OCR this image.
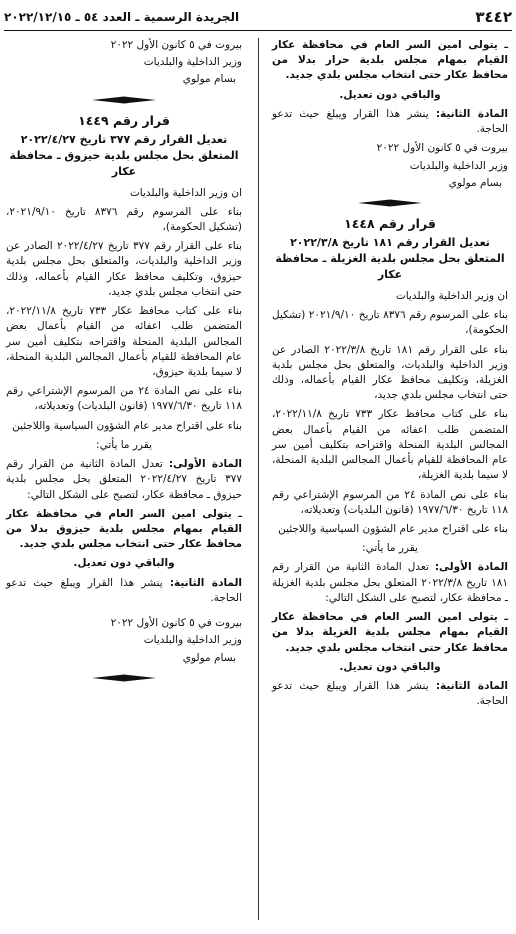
٣٤٤٢
الجريدة الرسمية ـ العدد ٥٤ ـ ٢٠٢٢/١٢/١٥

ـ يتولى امين السر العام في محافظة عكار القيام بمهام مجلس بلدية حرار بدلا من محافظ عكار حتى انتخاب مجلس بلدي جديد.

والباقي دون تعديل.

المادة الثانية: ينشر هذا القرار ويبلغ حيث تدعو الحاجة.

بيروت في ٥ كانون الأول ٢٠٢٢

وزير الداخلية والبلديات

بسام مولوي

قرار رقم ١٤٤٨
تعديل القرار رقم ١٨١ تاريخ ٢٠٢٢/٣/٨ المتعلق بحل مجلس بلدية الغزيلة ـ محافظة عكار

ان وزير الداخلية والبلديات

بناء على المرسوم رقم ٨٣٧٦ تاريخ ٢٠٢١/٩/١٠ (تشكيل الحكومة)،

بناء على القرار رقم ١٨١ تاريخ ٢٠٢٢/٣/٨ الصادر عن وزير الداخلية والبلديات، والمتعلق بحل مجلس بلدية الغزيلة، وتكليف محافظ عكار القيام بأعماله، وذلك حتى انتخاب مجلس بلدي جديد،

بناء على كتاب محافظ عكار ٧٣٣ تاريخ ٢٠٢٢/١١/٨، المتضمن طلب اعفائه من القيام بأعمال بعض المجالس البلدية المنحلة واقتراحه بتكليف أمين سر عام المحافظة للقيام بأعمال المجالس البلدية المنحلة، لا سيما بلدية الغزيلة،

بناء على نص المادة ٢٤ من المرسوم الإشتراعي رقم ١١٨ تاريخ ١٩٧٧/٦/٣٠ (قانون البلديات) وتعديلاته،

بناء على اقتراح مدير عام الشؤون السياسية واللاجئين

يقرر ما يأتي:

المادة الأولى: تعدل المادة الثانية من القرار رقم ١٨١ تاريخ ٢٠٢٢/٣/٨ المتعلق بحل مجلس بلدية الغزيلة ـ محافظة عكار، لتصبح على الشكل التالي:

ـ يتولى امين السر العام في محافظة عكار القيام بمهام مجلس بلدية الغزيلة بدلا من محافظ عكار حتى انتخاب مجلس بلدي جديد.

والباقي دون تعديل.

المادة الثانية: ينشر هذا القرار ويبلغ حيث تدعو الحاجة.

بيروت في ٥ كانون الأول ٢٠٢٢

وزير الداخلية والبلديات

بسام مولوي

قرار رقم ١٤٤٩
تعديل القرار رقم ٣٧٧ تاريخ ٢٠٢٢/٤/٢٧ المتعلق بحل مجلس بلدية حيزوق ـ محافظة عكار

ان وزير الداخلية والبلديات

بناء على المرسوم رقم ٨٣٧٦ تاريخ ٢٠٢١/٩/١٠، (تشكيل الحكومة)،

بناء على القرار رقم ٣٧٧ تاريخ ٢٠٢٢/٤/٢٧ الصادر عن وزير الداخلية والبلديات، والمتعلق بحل مجلس بلدية حيزوق، وتكليف محافظ عكار القيام بأعماله، وذلك حتى انتخاب مجلس بلدي جديد،

بناء على كتاب محافظ عكار ٧٣٣ تاريخ ٢٠٢٢/١١/٨، المتضمن طلب اعفائه من القيام بأعمال بعض المجالس البلدية المنحلة واقتراحه بتكليف أمين سر عام المحافظة للقيام بأعمال المجالس البلدية المنحلة، لا سيما بلدية حيزوق،

بناء على نص المادة ٢٤ من المرسوم الإشتراعي رقم ١١٨ تاريخ ١٩٧٧/٦/٣٠ (قانون البلديات) وتعديلاته،

بناء على اقتراح مدير عام الشؤون السياسية واللاجئين

يقرر ما يأتي:

المادة الأولى: تعدل المادة الثانية من القرار رقم ٣٧٧ تاريخ ٢٠٢٢/٤/٢٧ المتعلق بحل مجلس بلدية حيزوق ـ محافظة عكار، لتصبح على الشكل التالي:

ـ يتولى امين السر العام في محافظة عكار القيام بمهام مجلس بلدية حيزوق بدلا من محافظ عكار حتى انتخاب مجلس بلدي جديد.

والباقي دون تعديل.

المادة الثانية: ينشر هذا القرار ويبلغ حيث تدعو الحاجة.

بيروت في ٥ كانون الأول ٢٠٢٢

وزير الداخلية والبلديات

بسام مولوي
